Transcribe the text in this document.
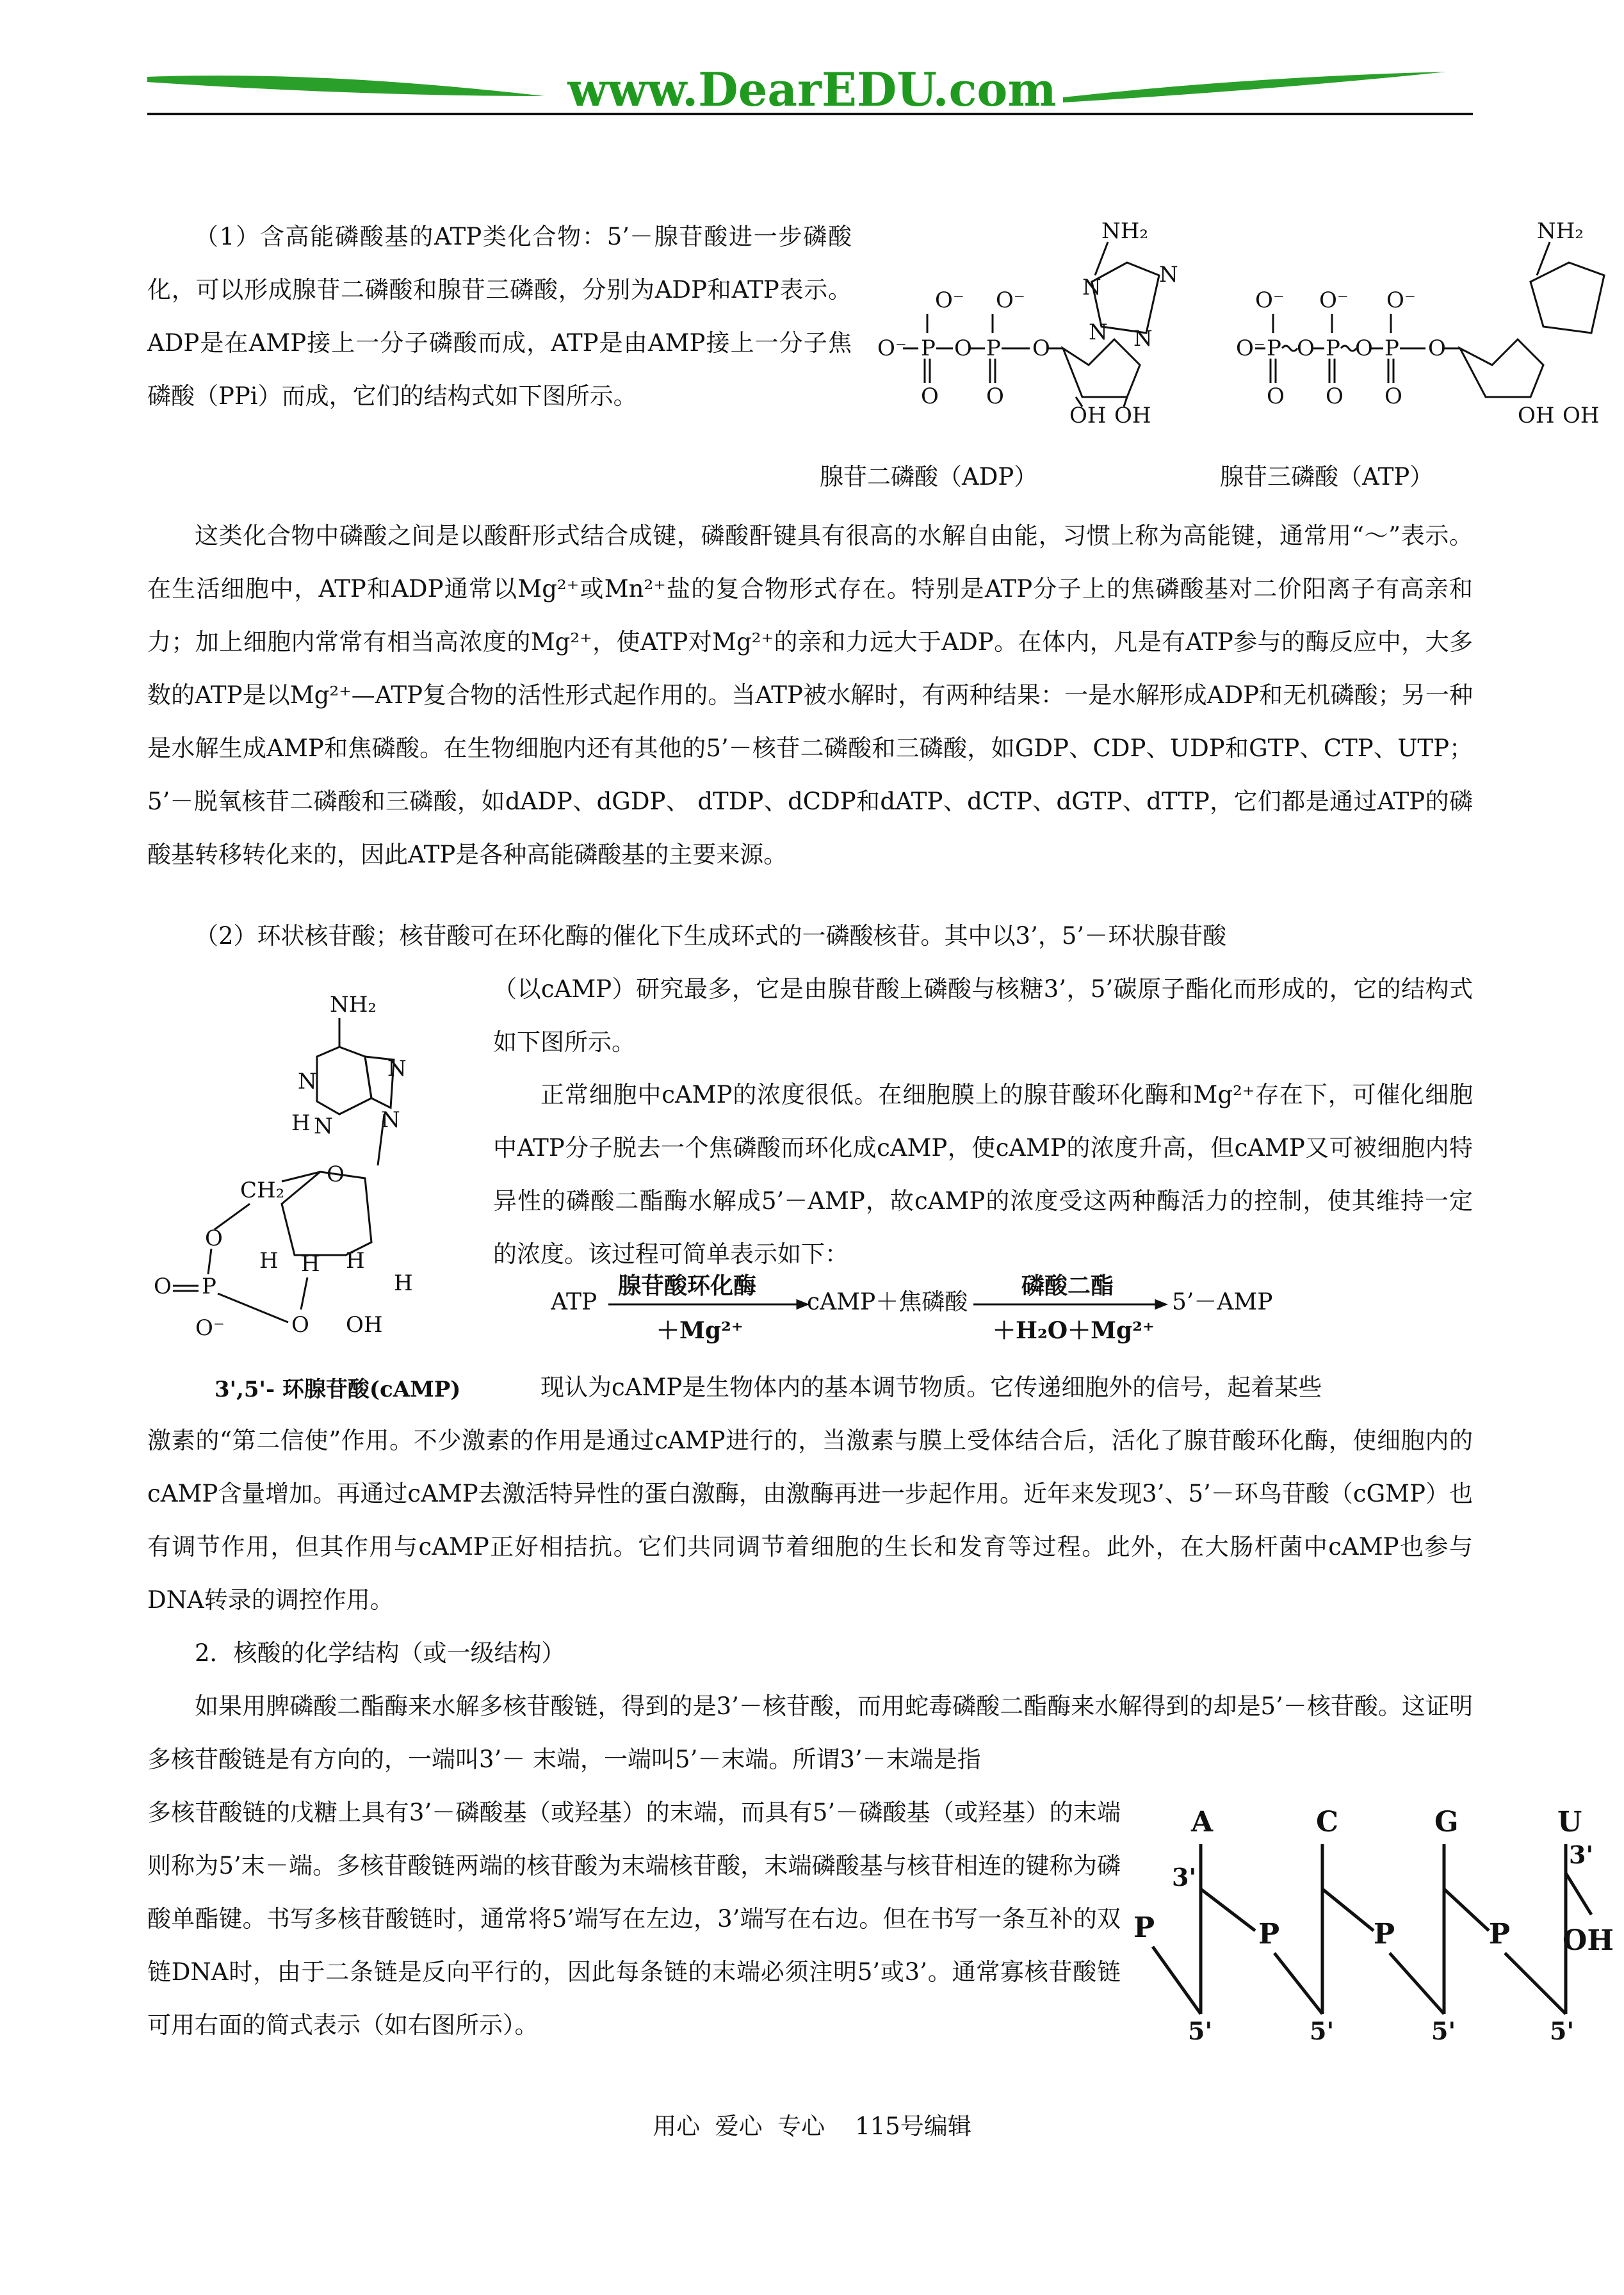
www.DearEDU.com

（1）含高能磷酸基的ATP类化合物：5’－腺苷酸进一步磷酸化，可以形成腺苷二磷酸和腺苷三磷酸，分别为ADP和ATP表示。ADP是在AMP接上一分子磷酸而成，ATP是由AMP接上一分子焦磷酸（PPi）而成，它们的结构式如下图所示。

NH₂
N
N N
N
O⁻ O⁻
O⁻ P O P O
O O
OH OH
NH₂
O⁻ O⁻ O⁻
O⁻ P O P O P O
O O O
OH OH

腺苷二磷酸（ADP）	腺苷三磷酸（ATP）

这类化合物中磷酸之间是以酸酐形式结合成键，磷酸酐键具有很高的水解自由能，习惯上称为高能键，通常用“～”表示。在生活细胞中，ATP和ADP通常以Mg²⁺或Mn²⁺盐的复合物形式存在。特别是ATP分子上的焦磷酸基对二价阳离子有高亲和力；加上细胞内常常有相当高浓度的Mg²⁺，使ATP对Mg²⁺的亲和力远大于ADP。在体内，凡是有ATP参与的酶反应中，大多数的ATP是以Mg²⁺—ATP复合物的活性形式起作用的。当ATP被水解时，有两种结果：一是水解形成ADP和无机磷酸；另一种是水解生成AMP和焦磷酸。在生物细胞内还有其他的5’－核苷二磷酸和三磷酸，如GDP、CDP、UDP和GTP、CTP、UTP；5’－脱氧核苷二磷酸和三磷酸，如dADP、dGDP、 dTDP、dCDP和dATP、dCTP、dGTP、dTTP，它们都是通过ATP的磷酸基转移转化来的，因此ATP是各种高能磷酸基的主要来源。

（2）环状核苷酸；核苷酸可在环化酶的催化下生成环式的一磷酸核苷。其中以3’，5’－环状腺苷酸

（以cAMP）研究最多，它是由腺苷酸上磷酸与核糖3’，5’碳原子酯化而形成的，它的结构式如下图所示。

NH₂
N
H N
N
N
CH₂
O
O
H H H
H
O P
O⁻	O OH

3',5'- 环腺苷酸(cAMP)

正常细胞中cAMP的浓度很低。在细胞膜上的腺苷酸环化酶和Mg²⁺存在下，可催化细胞中ATP分子脱去一个焦磷酸而环化成cAMP，使cAMP的浓度升高，但cAMP又可被细胞内特异性的磷酸二酯酶水解成5’－AMP，故cAMP的浓度受这两种酶活力的控制，使其维持一定的浓度。该过程可简单表示如下：

ATP
腺苷酸环化酶
＋Mg²⁺
cAMP＋焦磷酸
磷酸二酯
＋H₂O＋Mg²⁺
5’－AMP

现认为cAMP是生物体内的基本调节物质。它传递细胞外的信号，起着某些

激素的“第二信使”作用。不少激素的作用是通过cAMP进行的，当激素与膜上受体结合后，活化了腺苷酸环化酶，使细胞内的cAMP含量增加。再通过cAMP去激活特异性的蛋白激酶，由激酶再进一步起作用。近年来发现3’、5’－环鸟苷酸（cGMP）也有调节作用，但其作用与cAMP正好相拮抗。它们共同调节着细胞的生长和发育等过程。此外，在大肠杆菌中cAMP也参与DNA转录的调控作用。

2．核酸的化学结构（或一级结构）

如果用脾磷酸二酯酶来水解多核苷酸链，得到的是3’－核苷酸，而用蛇毒磷酸二酯酶来水解得到的却是5’－核苷酸。这证明多核苷酸链是有方向的，一端叫3’－ 末端，一端叫5’－末端。所谓3’－末端是指

多核苷酸链的戊糖上具有3’－磷酸基（或羟基）的末端，而具有5’－磷酸基（或羟基）的末端则称为5’末－端。多核苷酸链两端的核苷酸为末端核苷酸，末端磷酸基与核苷相连的键称为磷酸单酯键。书写多核苷酸链时，通常将5’端写在左边，3’端写在右边。但在书写一条互补的双链DNA时，由于二条链是反向平行的，因此每条链的末端必须注明5’或3’。通常寡核苷酸链可用右面的简式表示（如右图所示）。

A	C	G	U
3'
3'
P	P	P	P OH
5'	5'	5'	5'

用心  爱心  专心    115号编辑
